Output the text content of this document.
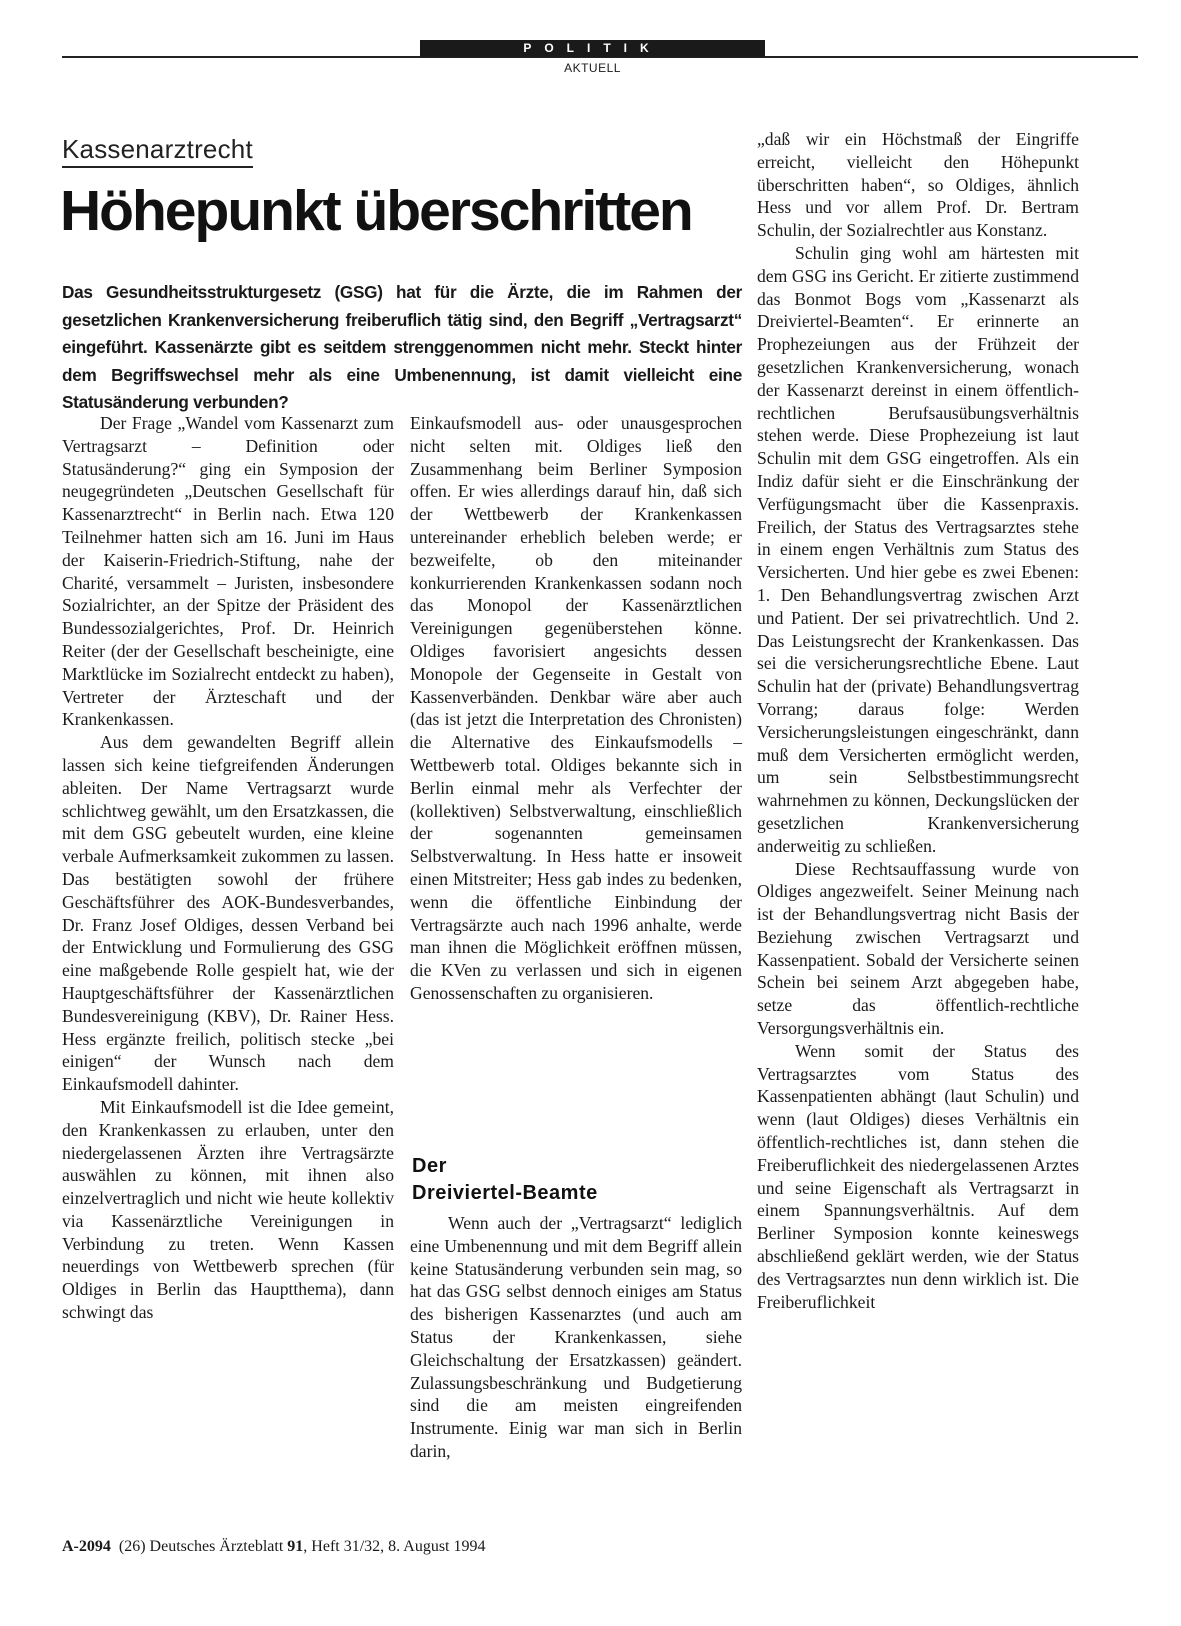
POLITIK
AKTUELL
Kassenarztrecht
Höhepunkt überschritten
Das Gesundheitsstrukturgesetz (GSG) hat für die Ärzte, die im Rahmen der gesetzlichen Krankenversicherung freiberuflich tätig sind, den Begriff „Vertragsarzt“ eingeführt. Kassenärzte gibt es seitdem strenggenommen nicht mehr. Steckt hinter dem Begriffswechsel mehr als eine Umbenennung, ist damit vielleicht eine Statusänderung verbunden?

Der Frage „Wandel vom Kassenarzt zum Vertragsarzt – Definition oder Statusänderung?“ ging ein Symposion der neugegründeten „Deutschen Gesellschaft für Kassenarztrecht“ in Berlin nach. Etwa 120 Teilnehmer hatten sich am 16. Juni im Haus der Kaiserin-Friedrich-Stiftung, nahe der Charité, versammelt – Juristen, insbesondere Sozialrichter, an der Spitze der Präsident des Bundessozialgerichtes, Prof. Dr. Heinrich Reiter (der der Gesellschaft bescheinigte, eine Marktlücke im Sozialrecht entdeckt zu haben), Vertreter der Ärzteschaft und der Krankenkassen.

Aus dem gewandelten Begriff allein lassen sich keine tiefgreifenden Änderungen ableiten. Der Name Vertragsarzt wurde schlichtweg gewählt, um den Ersatzkassen, die mit dem GSG gebeutelt wurden, eine kleine verbale Aufmerksamkeit zukommen zu lassen. Das bestätigten sowohl der frühere Geschäftsführer des AOK-Bundesverbandes, Dr. Franz Josef Oldiges, dessen Verband bei der Entwicklung und Formulierung des GSG eine maßgebende Rolle gespielt hat, wie der Hauptgeschäftsführer der Kassenärztlichen Bundesvereinigung (KBV), Dr. Rainer Hess. Hess ergänzte freilich, politisch stecke „bei einigen“ der Wunsch nach dem Einkaufsmodell dahinter.

Mit Einkaufsmodell ist die Idee gemeint, den Krankenkassen zu erlauben, unter den niedergelassenen Ärzten ihre Vertragsärzte auswählen zu können, mit ihnen also einzelvertraglich und nicht wie heute kollektiv via Kassenärztliche Vereinigungen in Verbindung zu treten. Wenn Kassen neuerdings von Wettbewerb sprechen (für Oldiges in Berlin das Hauptthema), dann schwingt das

Einkaufsmodell aus- oder unausgesprochen nicht selten mit. Oldiges ließ den Zusammenhang beim Berliner Symposion offen. Er wies allerdings darauf hin, daß sich der Wettbewerb der Krankenkassen untereinander erheblich beleben werde; er bezweifelte, ob den miteinander konkurrierenden Krankenkassen sodann noch das Monopol der Kassenärztlichen Vereinigungen gegenüberstehen könne. Oldiges favorisiert angesichts dessen Monopole der Gegenseite in Gestalt von Kassenverbänden. Denkbar wäre aber auch (das ist jetzt die Interpretation des Chronisten) die Alternative des Einkaufsmodells – Wettbewerb total. Oldiges bekannte sich in Berlin einmal mehr als Verfechter der (kollektiven) Selbstverwaltung, einschließlich der sogenannten gemeinsamen Selbstverwaltung. In Hess hatte er insoweit einen Mitstreiter; Hess gab indes zu bedenken, wenn die öffentliche Einbindung der Vertragsärzte auch nach 1996 anhalte, werde man ihnen die Möglichkeit eröffnen müssen, die KVen zu verlassen und sich in eigenen Genossenschaften zu organisieren.

Der
Dreiviertel-Beamte

Wenn auch der „Vertragsarzt“ lediglich eine Umbenennung und mit dem Begriff allein keine Statusänderung verbunden sein mag, so hat das GSG selbst dennoch einiges am Status des bisherigen Kassenarztes (und auch am Status der Krankenkassen, siehe Gleichschaltung der Ersatzkassen) geändert. Zulassungsbeschränkung und Budgetierung sind die am meisten eingreifenden Instrumente. Einig war man sich in Berlin darin,

„daß wir ein Höchstmaß der Eingriffe erreicht, vielleicht den Höhepunkt überschritten haben“, so Oldiges, ähnlich Hess und vor allem Prof. Dr. Bertram Schulin, der Sozialrechtler aus Konstanz.

Schulin ging wohl am härtesten mit dem GSG ins Gericht. Er zitierte zustimmend das Bonmot Bogs vom „Kassenarzt als Dreiviertel-Beamten“. Er erinnerte an Prophezeiungen aus der Frühzeit der gesetzlichen Krankenversicherung, wonach der Kassenarzt dereinst in einem öffentlich-rechtlichen Berufsausübungsverhältnis stehen werde. Diese Prophezeiung ist laut Schulin mit dem GSG eingetroffen. Als ein Indiz dafür sieht er die Einschränkung der Verfügungsmacht über die Kassenpraxis. Freilich, der Status des Vertragsarztes stehe in einem engen Verhältnis zum Status des Versicherten. Und hier gebe es zwei Ebenen: 1. Den Behandlungsvertrag zwischen Arzt und Patient. Der sei privatrechtlich. Und 2. Das Leistungsrecht der Krankenkassen. Das sei die versicherungsrechtliche Ebene. Laut Schulin hat der (private) Behandlungsvertrag Vorrang; daraus folge: Werden Versicherungsleistungen eingeschränkt, dann muß dem Versicherten ermöglicht werden, um sein Selbstbestimmungsrecht wahrnehmen zu können, Deckungslücken der gesetzlichen Krankenversicherung anderweitig zu schließen.

Diese Rechtsauffassung wurde von Oldiges angezweifelt. Seiner Meinung nach ist der Behandlungsvertrag nicht Basis der Beziehung zwischen Vertragsarzt und Kassenpatient. Sobald der Versicherte seinen Schein bei seinem Arzt abgegeben habe, setze das öffentlich-rechtliche Versorgungsverhältnis ein.

Wenn somit der Status des Vertragsarztes vom Status des Kassenpatienten abhängt (laut Schulin) und wenn (laut Oldiges) dieses Verhältnis ein öffentlich-rechtliches ist, dann stehen die Freiberuflichkeit des niedergelassenen Arztes und seine Eigenschaft als Vertragsarzt in einem Spannungsverhältnis. Auf dem Berliner Symposion konnte keineswegs abschließend geklärt werden, wie der Status des Vertragsarztes nun denn wirklich ist. Die Freiberuflichkeit

A-2094 (26) Deutsches Ärzteblatt 91, Heft 31/32, 8. August 1994
